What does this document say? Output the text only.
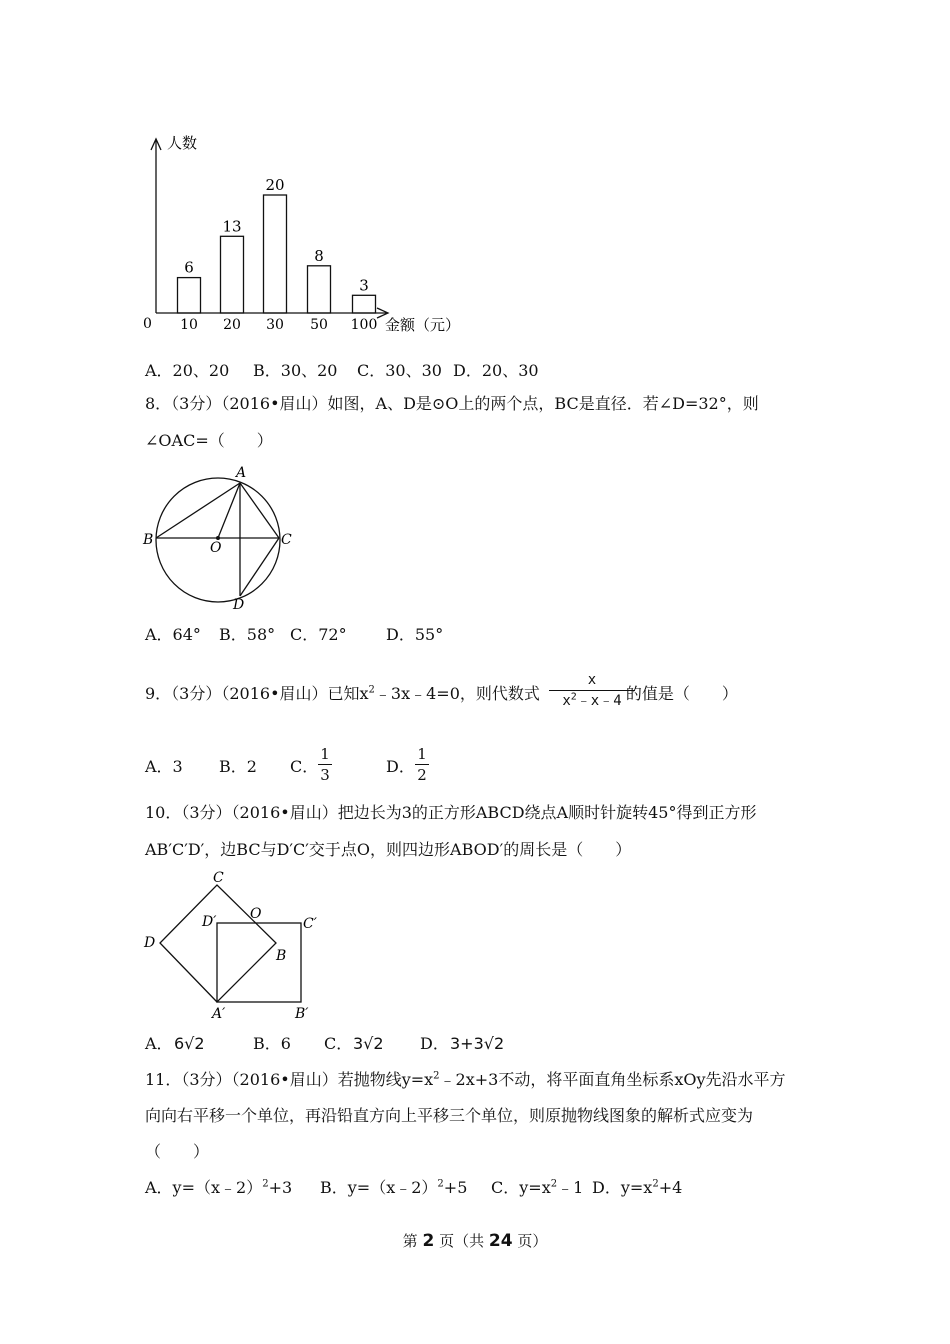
人数
0	金额（元）
6
10
13
20
20
30
8
50
3
100
A．20、20 B．30、20 C．30、30 D．20、30
8．（3分）（2016•眉山）如图，A、D是⊙O上的两个点，BC是直径．若∠D=32°，则
∠OAC=（　　）
A
B	O	C
D
A．64° B．58° C．72° D．55°
9．（3分）（2016•眉山）已知$x^2﹣3x﹣4=0$，则代数式	的值是（　　）
x
$x^2﹣x﹣4$
A．3 B．2 C．
1
3	D．
1
2
10．（3分）（2016•眉山）把边长为3的正方形ABCD绕点A顺时针旋转45°得到正方形
AB′C′D′，边BC与D′C′交于点O，则四边形ABOD′的周长是（　　）
C
D
D′ O
C′
B
A′	B′
A． 6√2	B．6 C． 3√2 D． 3+3√2
11．（3分）（2016•眉山）若抛物线$y=x^2﹣2x+3$不动，将平面直角坐标系xOy先沿水平方
向向右平移一个单位，再沿铅直方向上平移三个单位，则原抛物线图象的解析式应变为
（　　）
A．y=（x﹣2）$^2$+3 B．y=（x﹣2）$^2$+5 C．$y=x^2﹣1$ D．$y=x^2+4$
第 2 页（共 24 页）
